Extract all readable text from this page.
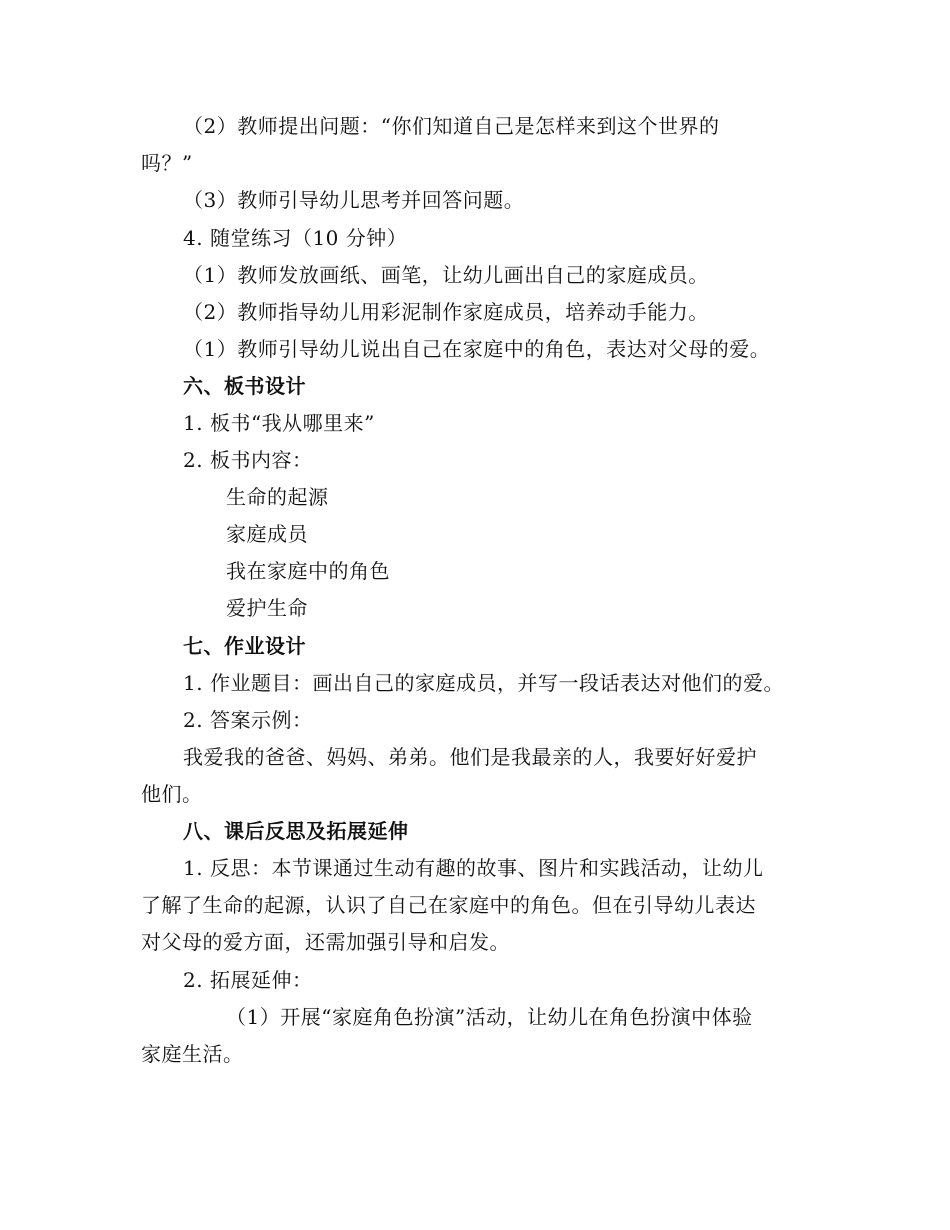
（2）教师提出问题：“你们知道自己是怎样来到这个世界的
吗？”
（3）教师引导幼儿思考并回答问题。
4. 随堂练习（10 分钟）
（1）教师发放画纸、画笔，让幼儿画出自己的家庭成员。
（2）教师指导幼儿用彩泥制作家庭成员，培养动手能力。
（1）教师引导幼儿说出自己在家庭中的角色，表达对父母的爱。
六、板书设计
1. 板书“我从哪里来”
2. 板书内容：
生命的起源
家庭成员
我在家庭中的角色
爱护生命
七、作业设计
1. 作业题目：画出自己的家庭成员，并写一段话表达对他们的爱。
2. 答案示例：
我爱我的爸爸、妈妈、弟弟。他们是我最亲的人，我要好好爱护
他们。
八、课后反思及拓展延伸
1. 反思：本节课通过生动有趣的故事、图片和实践活动，让幼儿
了解了生命的起源，认识了自己在家庭中的角色。但在引导幼儿表达
对父母的爱方面，还需加强引导和启发。
2. 拓展延伸：
（1）开展“家庭角色扮演”活动，让幼儿在角色扮演中体验
家庭生活。
